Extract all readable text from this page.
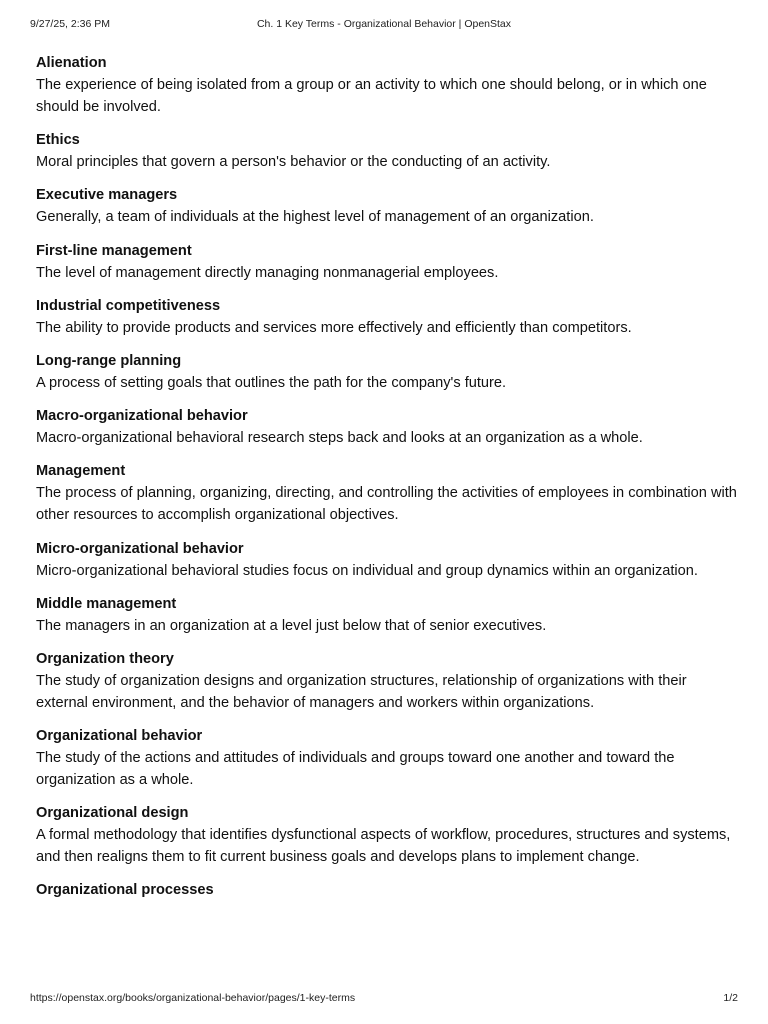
9/27/25, 2:36 PM	Ch. 1 Key Terms - Organizational Behavior | OpenStax
Alienation
The experience of being isolated from a group or an activity to which one should belong, or in which one should be involved.
Ethics
Moral principles that govern a person's behavior or the conducting of an activity.
Executive managers
Generally, a team of individuals at the highest level of management of an organization.
First-line management
The level of management directly managing nonmanagerial employees.
Industrial competitiveness
The ability to provide products and services more effectively and efficiently than competitors.
Long-range planning
A process of setting goals that outlines the path for the company's future.
Macro-organizational behavior
Macro-organizational behavioral research steps back and looks at an organization as a whole.
Management
The process of planning, organizing, directing, and controlling the activities of employees in combination with other resources to accomplish organizational objectives.
Micro-organizational behavior
Micro-organizational behavioral studies focus on individual and group dynamics within an organization.
Middle management
The managers in an organization at a level just below that of senior executives.
Organization theory
The study of organization designs and organization structures, relationship of organizations with their external environment, and the behavior of managers and workers within organizations.
Organizational behavior
The study of the actions and attitudes of individuals and groups toward one another and toward the organization as a whole.
Organizational design
A formal methodology that identifies dysfunctional aspects of workflow, procedures, structures and systems, and then realigns them to fit current business goals and develops plans to implement change.
Organizational processes
https://openstax.org/books/organizational-behavior/pages/1-key-terms	1/2
